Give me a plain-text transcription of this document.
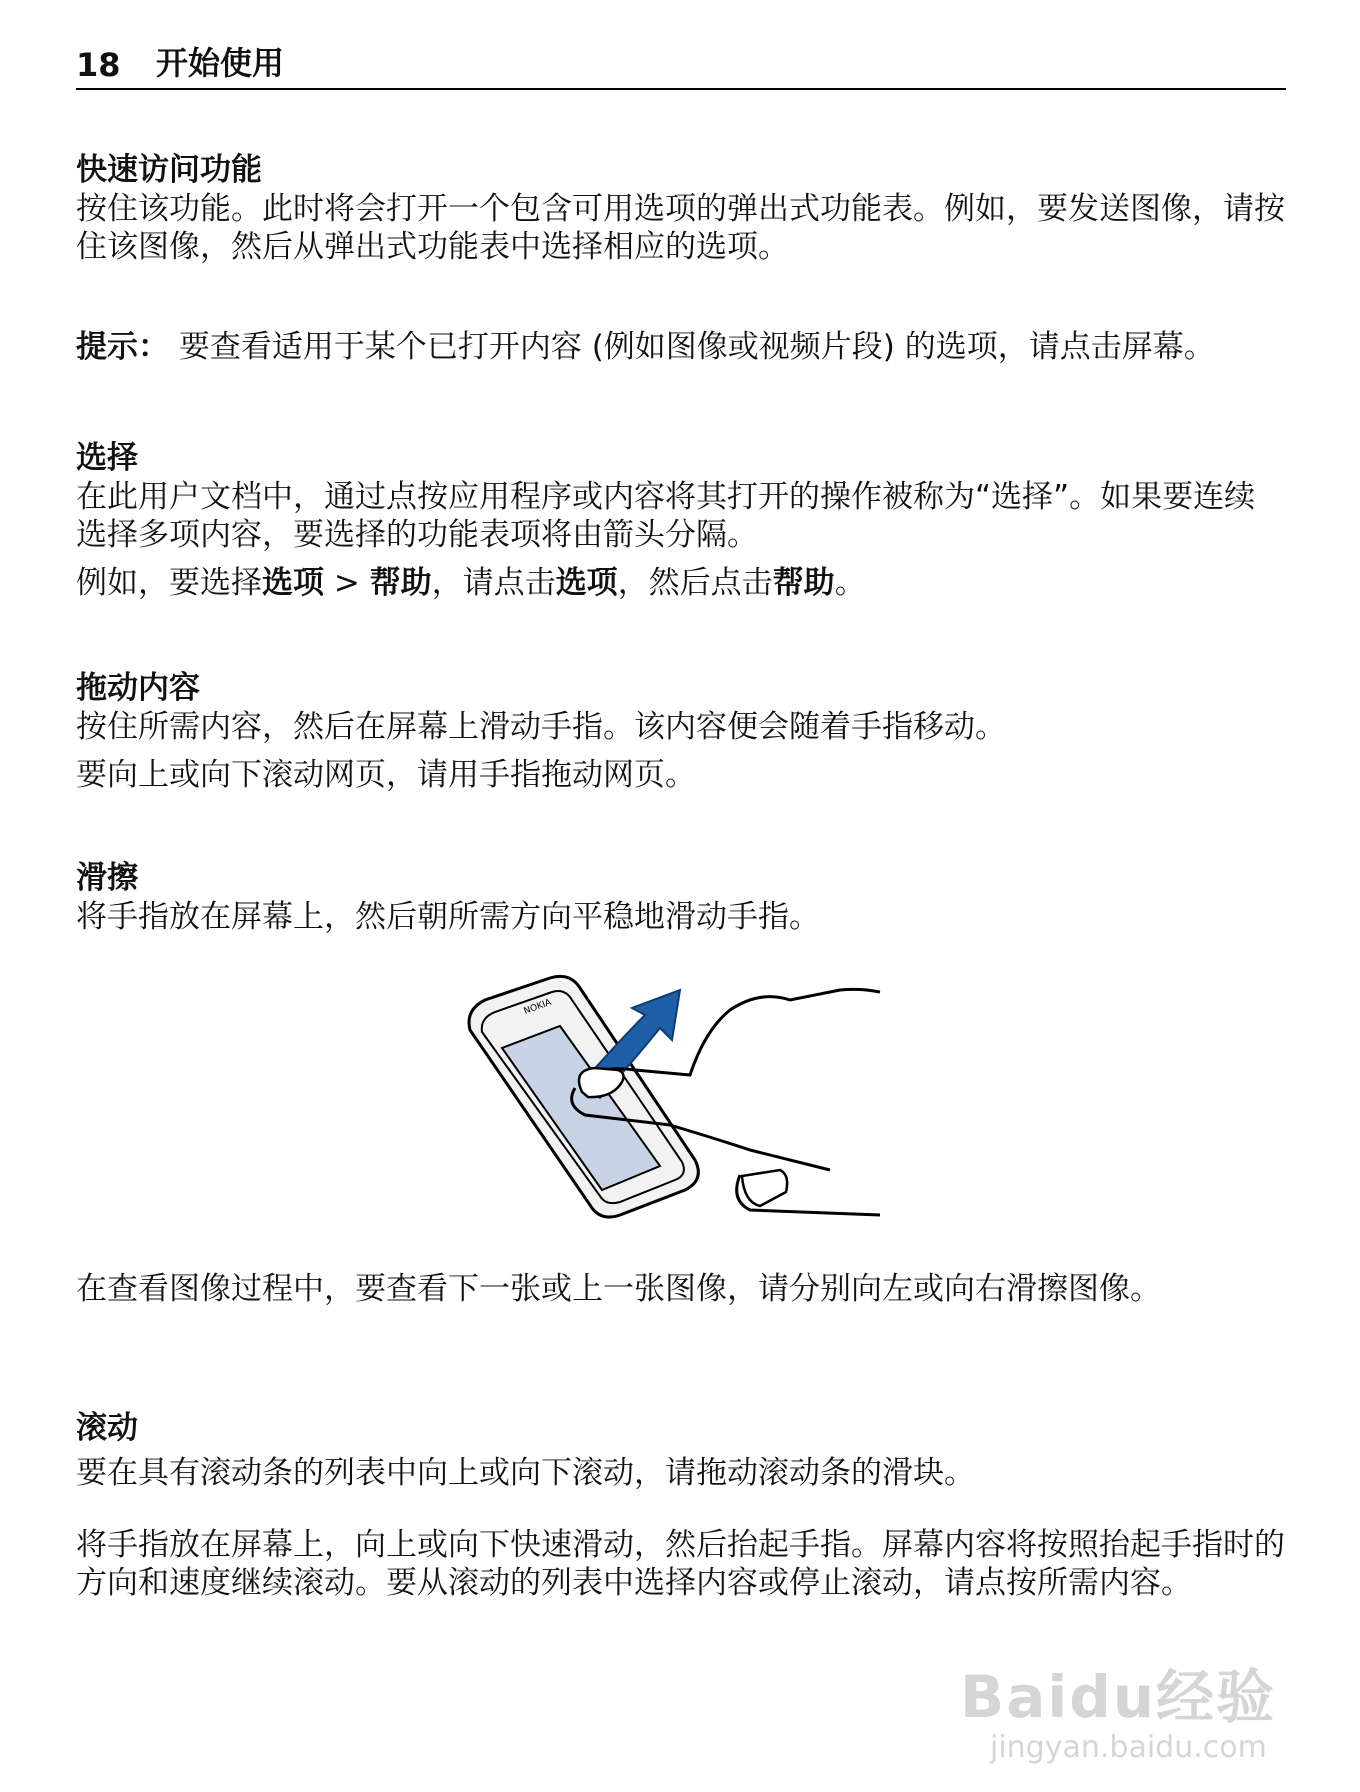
18	开始使用
快速访问功能

按住该功能。此时将会打开一个包含可用选项的弹出式功能表。例如，要发送图像，请按住该图像，然后从弹出式功能表中选择相应的选项。

提示： 要查看适用于某个已打开内容 (例如图像或视频片段) 的选项，请点击屏幕。

选择

在此用户文档中，通过点按应用程序或内容将其打开的操作被称为“选择”。如果要连续选择多项内容，要选择的功能表项将由箭头分隔。

例如，要选择选项 > 帮助，请点击选项，然后点击帮助。

拖动内容

按住所需内容，然后在屏幕上滑动手指。该内容便会随着手指移动。

要向上或向下滚动网页，请用手指拖动网页。

滑擦

将手指放在屏幕上，然后朝所需方向平稳地滑动手指。

NOKIA

在查看图像过程中，要查看下一张或上一张图像，请分别向左或向右滑擦图像。

滚动

要在具有滚动条的列表中向上或向下滚动，请拖动滚动条的滑块。

将手指放在屏幕上，向上或向下快速滑动，然后抬起手指。屏幕内容将按照抬起手指时的方向和速度继续滚动。要从滚动的列表中选择内容或停止滚动，请点按所需内容。

Baidu经验
jingyan.baidu.com
